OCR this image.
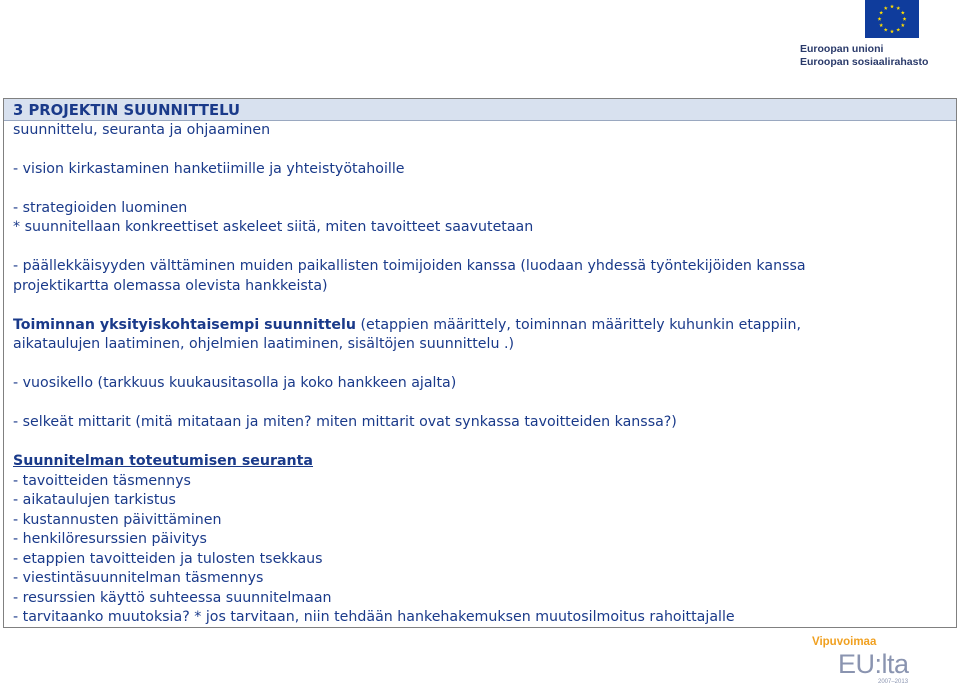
Euroopan unioni
Euroopan sosiaalirahasto

3 PROJEKTIN SUUNNITTELU

suunnittelu, seuranta ja ohjaaminen

- vision kirkastaminen hanketiimille ja yhteistyötahoille

- strategioiden luominen

* suunnitellaan konkreettiset askeleet siitä, miten tavoitteet saavutetaan

- päällekkäisyyden välttäminen muiden paikallisten toimijoiden kanssa (luodaan yhdessä työntekijöiden kanssa

projektikartta olemassa olevista hankkeista)

Toiminnan yksityiskohtaisempi suunnittelu (etappien määrittely, toiminnan määrittely kuhunkin etappiin,

aikataulujen laatiminen, ohjelmien laatiminen, sisältöjen suunnittelu .)

- vuosikello (tarkkuus kuukausitasolla ja koko hankkeen ajalta)

- selkeät mittarit (mitä mitataan ja miten? miten mittarit ovat synkassa tavoitteiden kanssa?)

Suunnitelman toteutumisen seuranta

- tavoitteiden täsmennys

- aikataulujen tarkistus

- kustannusten päivittäminen

- henkilöresurssien päivitys

- etappien tavoitteiden ja tulosten tsekkaus

- viestintäsuunnitelman täsmennys

- resurssien käyttö suhteessa suunnitelmaan

- tarvitaanko muutoksia? * jos tarvitaan, niin tehdään hankehakemuksen muutosilmoitus rahoittajalle

Vipuvoimaa
EU:lta
2007–2013
